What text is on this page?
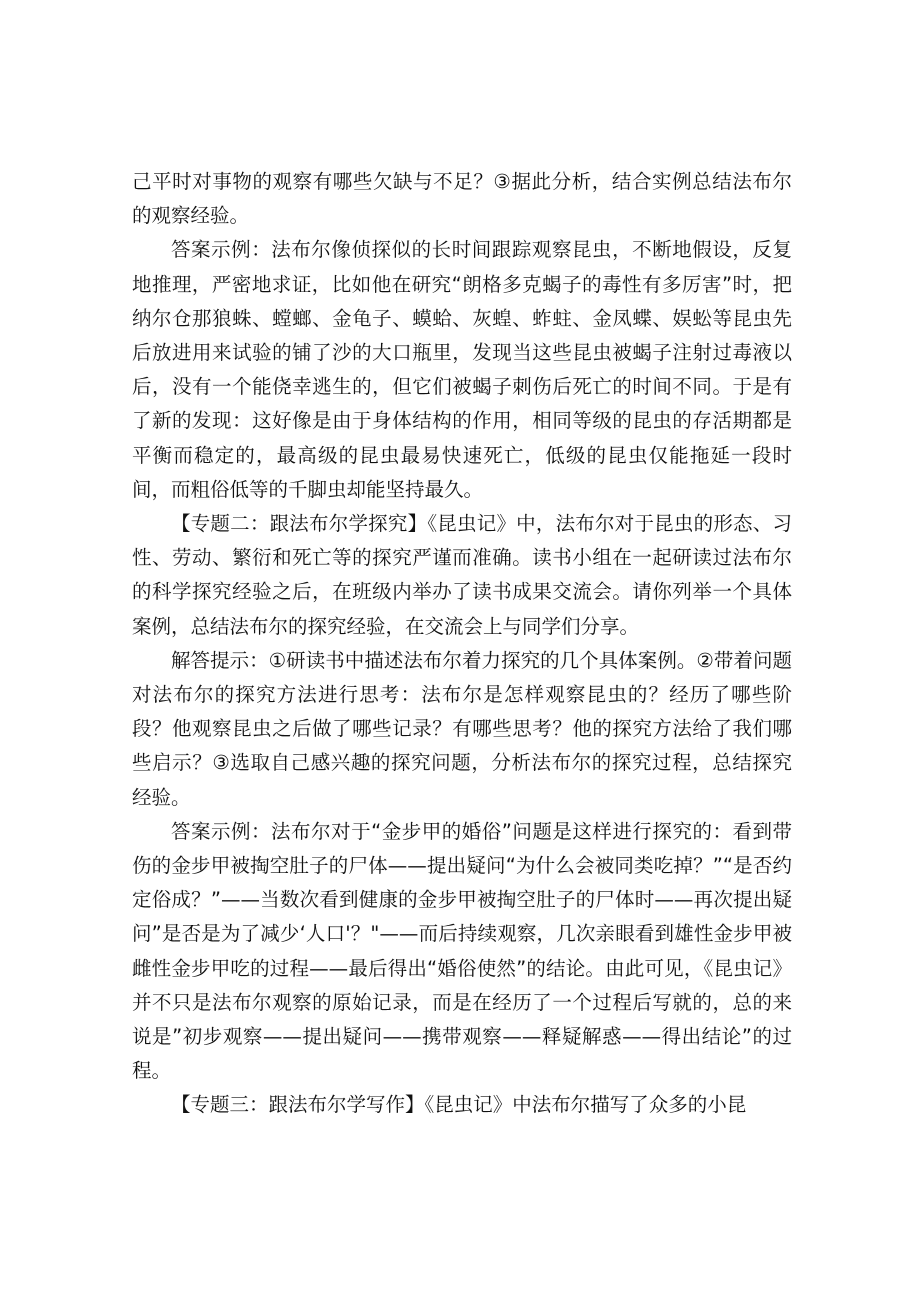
己平时对事物的观察有哪些欠缺与不足？③据此分析，结合实例总结法布尔的观察经验。

答案示例：法布尔像侦探似的长时间跟踪观察昆虫，不断地假设，反复地推理，严密地求证，比如他在研究“朗格多克蝎子的毒性有多厉害”时，把纳尔仓那狼蛛、螳螂、金龟子、蟆蛤、灰蝗、蚱蛀、金凤蝶、娱蚣等昆虫先后放进用来试验的铺了沙的大口瓶里，发现当这些昆虫被蝎子注射过毒液以后，没有一个能侥幸逃生的，但它们被蝎子刺伤后死亡的时间不同。于是有了新的发现：这好像是由于身体结构的作用，相同等级的昆虫的存活期都是平衡而稳定的，最高级的昆虫最易快速死亡，低级的昆虫仅能拖延一段时间，而粗俗低等的千脚虫却能坚持最久。

【专题二：跟法布尔学探究】《昆虫记》中，法布尔对于昆虫的形态、习性、劳动、繁衍和死亡等的探究严谨而准确。读书小组在一起研读过法布尔的科学探究经验之后，在班级内举办了读书成果交流会。请你列举一个具体案例，总结法布尔的探究经验，在交流会上与同学们分享。

解答提示：①研读书中描述法布尔着力探究的几个具体案例。②带着问题对法布尔的探究方法进行思考：法布尔是怎样观察昆虫的？经历了哪些阶段？他观察昆虫之后做了哪些记录？有哪些思考？他的探究方法给了我们哪些启示？③选取自己感兴趣的探究问题，分析法布尔的探究过程，总结探究经验。

答案示例：法布尔对于“金步甲的婚俗”问题是这样进行探究的：看到带伤的金步甲被掏空肚子的尸体——提出疑问“为什么会被同类吃掉？”“是否约定俗成？”——当数次看到健康的金步甲被掏空肚子的尸体时——再次提出疑问”是否是为了减少‘人口'？"——而后持续观察，几次亲眼看到雄性金步甲被雌性金步甲吃的过程——最后得出“婚俗使然”的结论。由此可见，《昆虫记》并不只是法布尔观察的原始记录，而是在经历了一个过程后写就的，总的来说是”初步观察——提出疑问——携带观察——释疑解惑——得出结论”的过程。

【专题三：跟法布尔学写作】《昆虫记》中法布尔描写了众多的小昆
